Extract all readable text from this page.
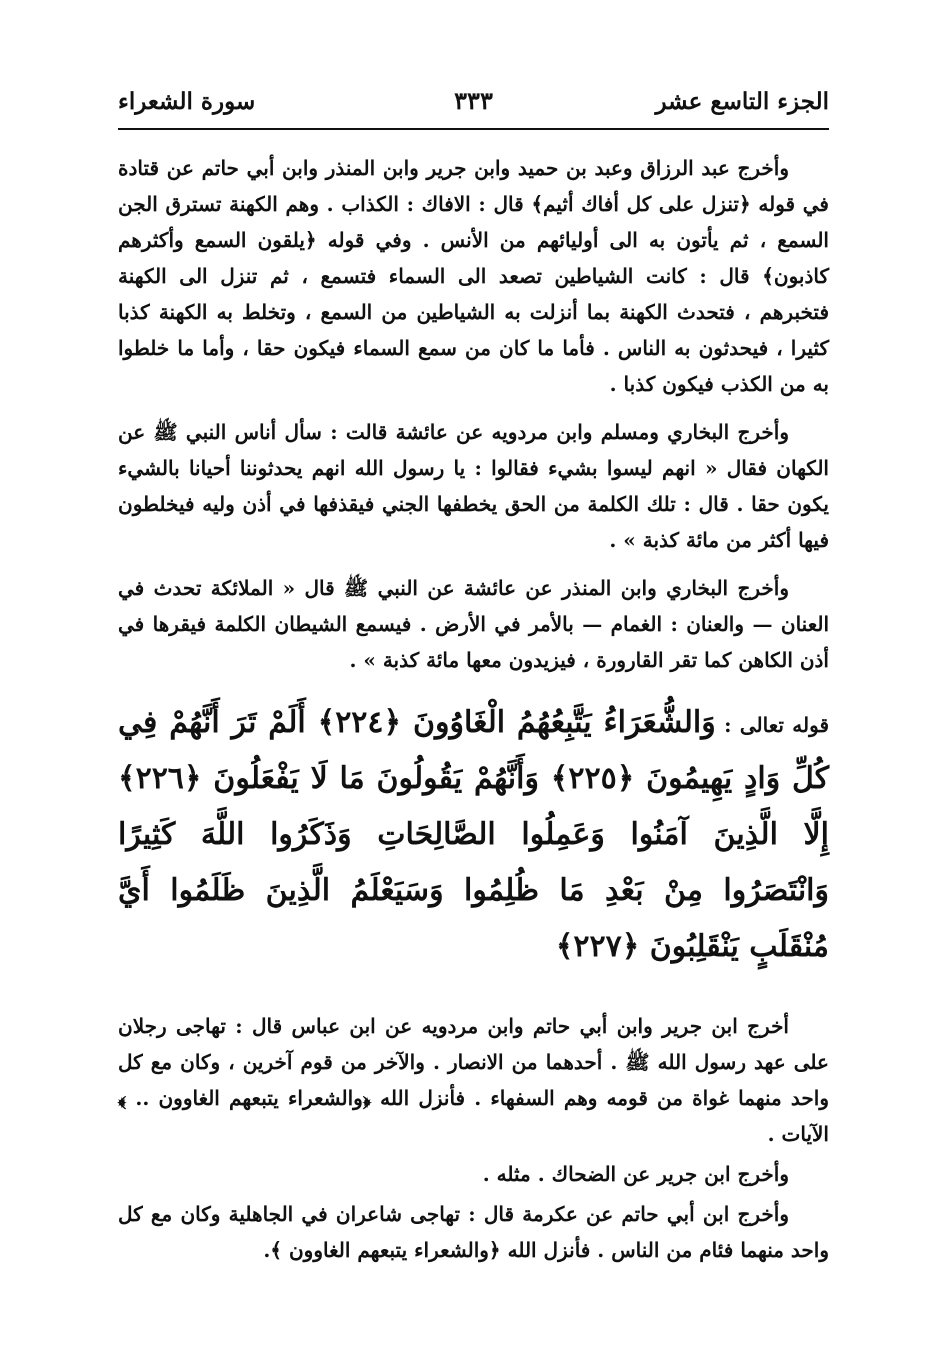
الجزء التاسع عشر
٣٣٣
سورة الشعراء

وأخرج عبد الرزاق وعبد بن حميد وابن جرير وابن المنذر وابن أبي حاتم عن قتادة في قوله ﴿تنزل على كل أفاك أثيم﴾ قال : الافاك : الكذاب . وهم الكهنة تسترق الجن السمع ، ثم يأتون به الى أوليائهم من الأنس . وفي قوله ﴿يلقون السمع وأكثرهم كاذبون﴾ قال : كانت الشياطين تصعد الى السماء فتسمع ، ثم تنزل الى الكهنة فتخبرهم ، فتحدث الكهنة بما أنزلت به الشياطين من السمع ، وتخلط به الكهنة كذبا كثيرا ، فيحدثون به الناس . فأما ما كان من سمع السماء فيكون حقا ، وأما ما خلطوا به من الكذب فيكون كذبا .

وأخرج البخاري ومسلم وابن مردويه عن عائشة قالت : سأل أناس النبي ﷺ عن الكهان فقال « انهم ليسوا بشيء فقالوا : يا رسول الله انهم يحدثوننا أحيانا بالشيء يكون حقا . قال : تلك الكلمة من الحق يخطفها الجني فيقذفها في أذن وليه فيخلطون فيها أكثر من مائة كذبة » .

وأخرج البخاري وابن المنذر عن عائشة عن النبي ﷺ قال « الملائكة تحدث في العنان — والعنان : الغمام — بالأمر في الأرض . فيسمع الشيطان الكلمة فيقرها في أذن الكاهن كما تقر القارورة ، فيزيدون معها مائة كذبة » .

قوله تعالى : وَالشُّعَرَاءُ يَتَّبِعُهُمُ الْغَاوُونَ ﴿٢٢٤﴾ أَلَمْ تَرَ أَنَّهُمْ فِي كُلِّ وَادٍ يَهِيمُونَ ﴿٢٢٥﴾ وَأَنَّهُمْ يَقُولُونَ مَا لَا يَفْعَلُونَ ﴿٢٢٦﴾ إِلَّا الَّذِينَ آمَنُوا وَعَمِلُوا الصَّالِحَاتِ وَذَكَرُوا اللَّهَ كَثِيرًا وَانْتَصَرُوا مِنْ بَعْدِ مَا ظُلِمُوا وَسَيَعْلَمُ الَّذِينَ ظَلَمُوا أَيَّ مُنْقَلَبٍ يَنْقَلِبُونَ ﴿٢٢٧﴾

أخرج ابن جرير وابن أبي حاتم وابن مردويه عن ابن عباس قال : تهاجى رجلان على عهد رسول الله ﷺ . أحدهما من الانصار . والآخر من قوم آخرين ، وكان مع كل واحد منهما غواة من قومه وهم السفهاء . فأنزل الله ﴿والشعراء يتبعهم الغاوون .. ﴾ الآيات .

وأخرج ابن جرير عن الضحاك . مثله .

وأخرج ابن أبي حاتم عن عكرمة قال : تهاجى شاعران في الجاهلية وكان مع كل واحد منهما فئام من الناس . فأنزل الله ﴿والشعراء يتبعهم الغاوون ﴾.
